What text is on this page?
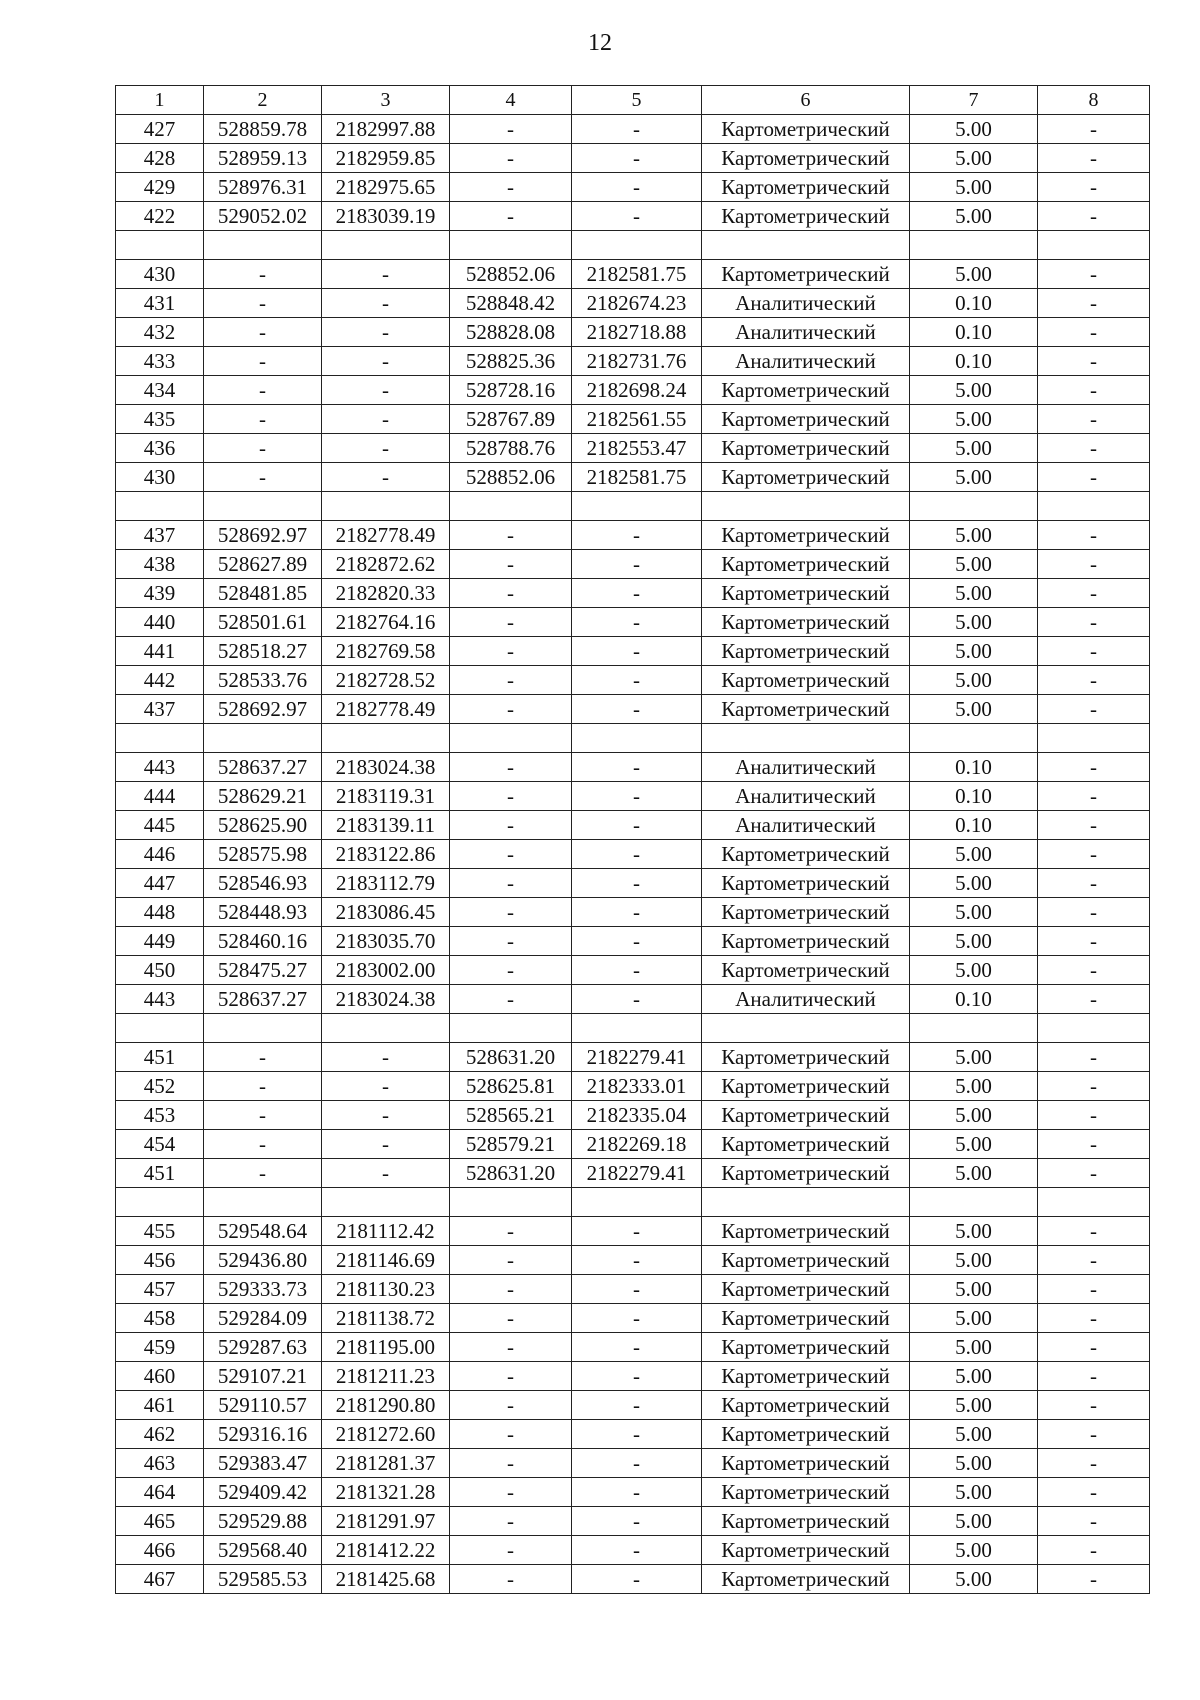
12
1	2	3	4	5	6	7	8
427	528859.78	2182997.88	-	-	Картометрический	5.00	-
428	528959.13	2182959.85	-	-	Картометрический	5.00	-
429	528976.31	2182975.65	-	-	Картометрический	5.00	-
422	529052.02	2183039.19	-	-	Картометрический	5.00	-

430	-	-	528852.06	2182581.75	Картометрический	5.00	-
431	-	-	528848.42	2182674.23	Аналитический	0.10	-
432	-	-	528828.08	2182718.88	Аналитический	0.10	-
433	-	-	528825.36	2182731.76	Аналитический	0.10	-
434	-	-	528728.16	2182698.24	Картометрический	5.00	-
435	-	-	528767.89	2182561.55	Картометрический	5.00	-
436	-	-	528788.76	2182553.47	Картометрический	5.00	-
430	-	-	528852.06	2182581.75	Картометрический	5.00	-

437	528692.97	2182778.49	-	-	Картометрический	5.00	-
438	528627.89	2182872.62	-	-	Картометрический	5.00	-
439	528481.85	2182820.33	-	-	Картометрический	5.00	-
440	528501.61	2182764.16	-	-	Картометрический	5.00	-
441	528518.27	2182769.58	-	-	Картометрический	5.00	-
442	528533.76	2182728.52	-	-	Картометрический	5.00	-
437	528692.97	2182778.49	-	-	Картометрический	5.00	-

443	528637.27	2183024.38	-	-	Аналитический	0.10	-
444	528629.21	2183119.31	-	-	Аналитический	0.10	-
445	528625.90	2183139.11	-	-	Аналитический	0.10	-
446	528575.98	2183122.86	-	-	Картометрический	5.00	-
447	528546.93	2183112.79	-	-	Картометрический	5.00	-
448	528448.93	2183086.45	-	-	Картометрический	5.00	-
449	528460.16	2183035.70	-	-	Картометрический	5.00	-
450	528475.27	2183002.00	-	-	Картометрический	5.00	-
443	528637.27	2183024.38	-	-	Аналитический	0.10	-

451	-	-	528631.20	2182279.41	Картометрический	5.00	-
452	-	-	528625.81	2182333.01	Картометрический	5.00	-
453	-	-	528565.21	2182335.04	Картометрический	5.00	-
454	-	-	528579.21	2182269.18	Картометрический	5.00	-
451	-	-	528631.20	2182279.41	Картометрический	5.00	-

455	529548.64	2181112.42	-	-	Картометрический	5.00	-
456	529436.80	2181146.69	-	-	Картометрический	5.00	-
457	529333.73	2181130.23	-	-	Картометрический	5.00	-
458	529284.09	2181138.72	-	-	Картометрический	5.00	-
459	529287.63	2181195.00	-	-	Картометрический	5.00	-
460	529107.21	2181211.23	-	-	Картометрический	5.00	-
461	529110.57	2181290.80	-	-	Картометрический	5.00	-
462	529316.16	2181272.60	-	-	Картометрический	5.00	-
463	529383.47	2181281.37	-	-	Картометрический	5.00	-
464	529409.42	2181321.28	-	-	Картометрический	5.00	-
465	529529.88	2181291.97	-	-	Картометрический	5.00	-
466	529568.40	2181412.22	-	-	Картометрический	5.00	-
467	529585.53	2181425.68	-	-	Картометрический	5.00	-
